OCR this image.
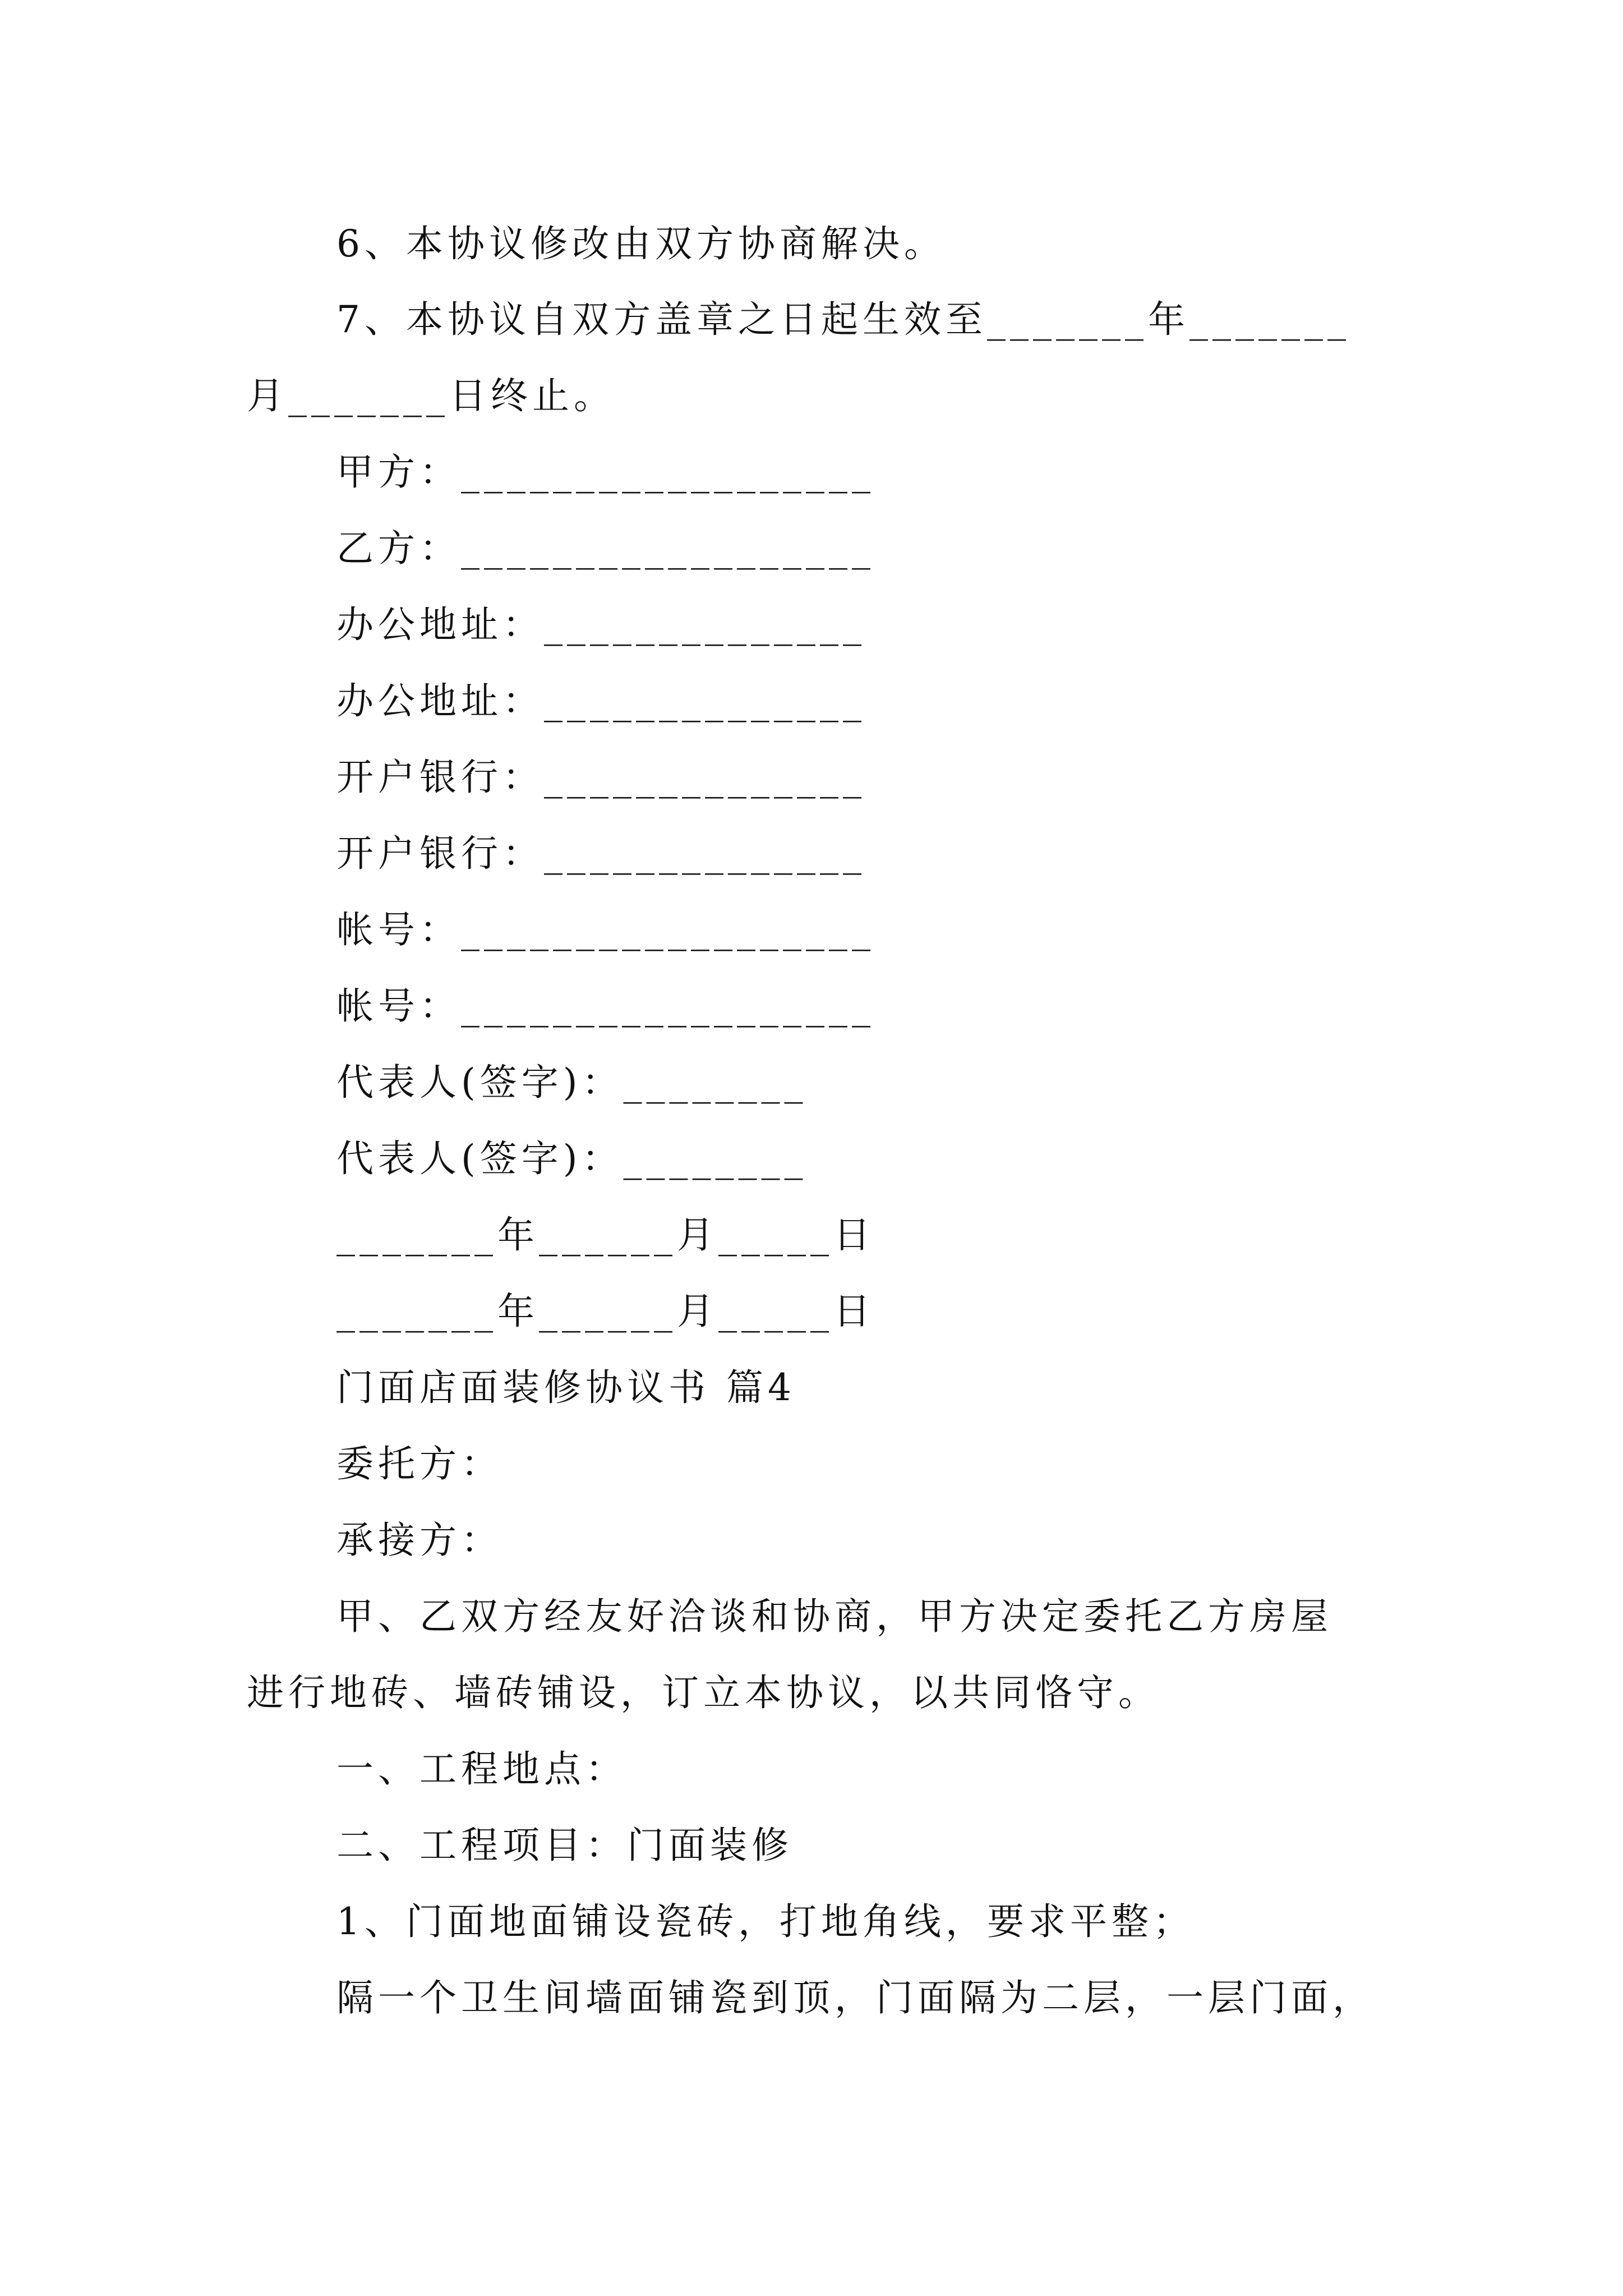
6、本协议修改由双方协商解决。
7、本协议自双方盖章之日起生效至_______年_______
月_______日终止。
甲方：__________________
乙方：__________________
办公地址：______________
办公地址：______________
开户银行：______________
开户银行：______________
帐号：__________________
帐号：__________________
代表人(签字)：________
代表人(签字)：________
_______年______月_____日
_______年______月_____日
门面店面装修协议书 篇4
委托方：
承接方：
甲、乙双方经友好洽谈和协商，甲方决定委托乙方房屋
进行地砖、墙砖铺设，订立本协议，以共同恪守。
一、工程地点：
二、工程项目：门面装修
1、门面地面铺设瓷砖，打地角线，要求平整；
隔一个卫生间墙面铺瓷到顶，门面隔为二层，一层门面，
